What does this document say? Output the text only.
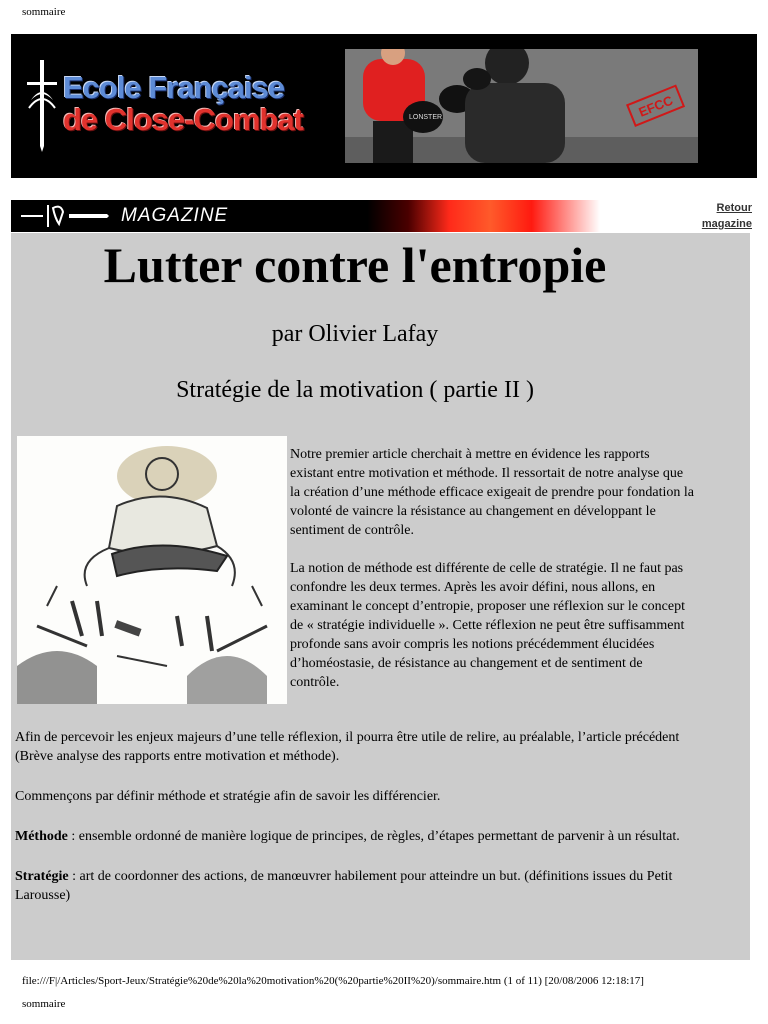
sommaire
Ecole Française
de Close-Combat	LONSTER	EFCC
MAGAZINE	Retour
magazine
Lutter contre l'entropie
par Olivier Lafay
Stratégie de la motivation ( partie II )

Notre premier article cherchait à mettre en évidence les rapports existant entre motivation et méthode. Il ressortait de notre analyse que la création d’une méthode efficace exigeait de prendre pour fondation la volonté de vaincre la résistance au changement en développant le sentiment de contrôle.

La notion de méthode est différente de celle de stratégie. Il ne faut pas confondre les deux termes. Après les avoir défini, nous allons, en examinant le concept d’entropie, proposer une réflexion sur le concept de « stratégie individuelle ». Cette réflexion ne peut être suffisamment profonde sans avoir compris les notions précédemment élucidées d’homéostasie, de résistance au changement et de sentiment de contrôle.

Afin de percevoir les enjeux majeurs d’une telle réflexion, il pourra être utile de relire, au préalable, l’article précédent (Brève analyse des rapports entre motivation et méthode).

Commençons par définir méthode et stratégie afin de savoir les différencier.

Méthode : ensemble ordonné de manière logique de principes, de règles, d’étapes permettant de parvenir à un résultat.

Stratégie : art de coordonner des actions, de manœuvrer habilement pour atteindre un but. (définitions issues du Petit Larousse)

file:///F|/Articles/Sport-Jeux/Stratégie%20de%20la%20motivation%20(%20partie%20II%20)/sommaire.htm (1 of 11) [20/08/2006 12:18:17]
sommaire
